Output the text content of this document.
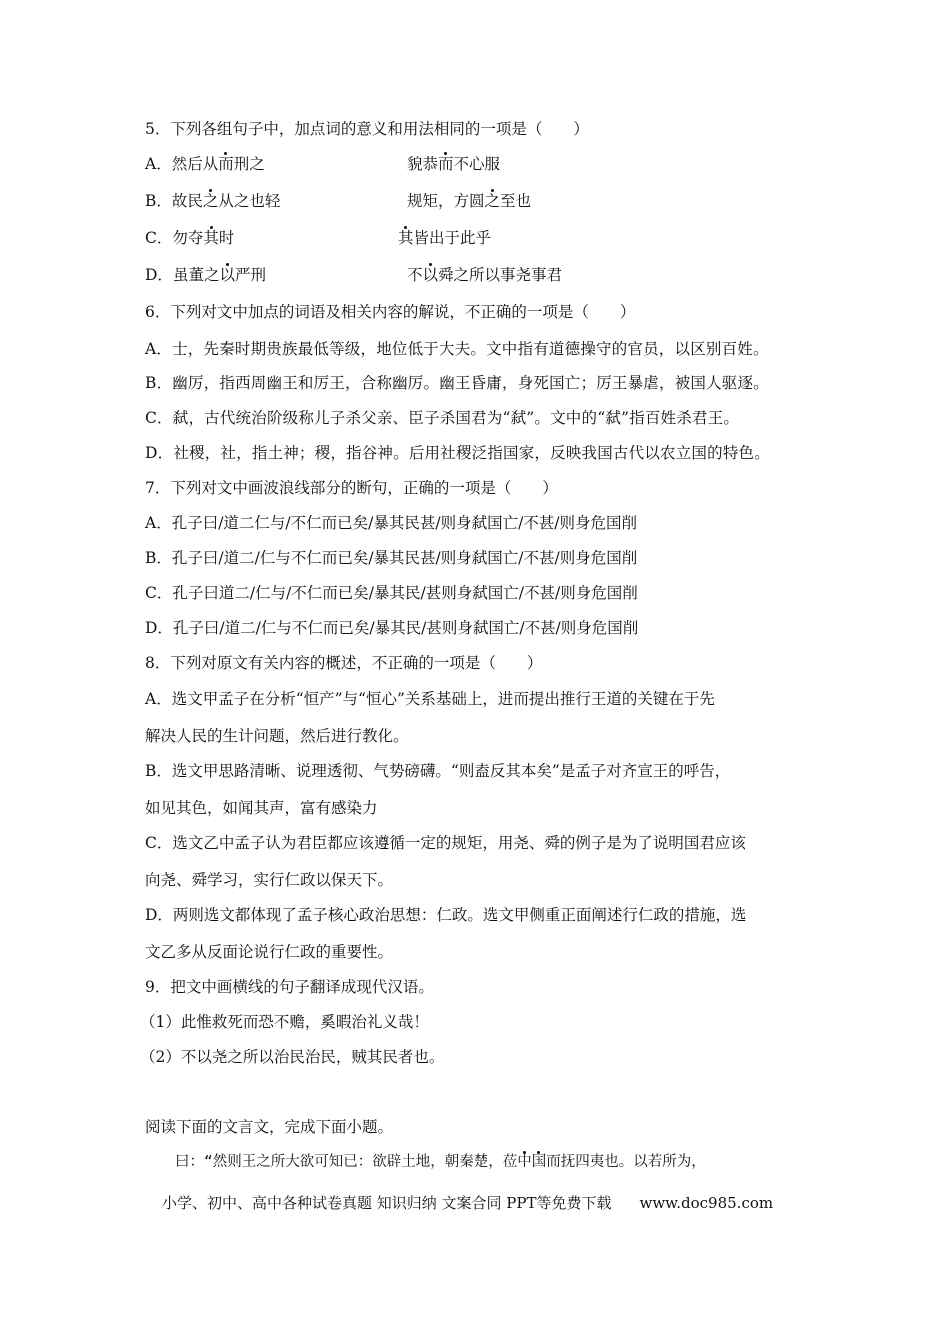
5．下列各组句子中，加点词的意义和用法相同的一项是（　　）
A．然后从而刑之	貌恭而不心服
B．故民之从之也轻	规矩，方圆之至也
C．勿夺其时	其皆出于此乎
D．虽董之以严刑	不以舜之所以事尧事君
6．下列对文中加点的词语及相关内容的解说，不正确的一项是（　　）
A．士，先秦时期贵族最低等级，地位低于大夫。文中指有道德操守的官员，以区别百姓。
B．幽厉，指西周幽王和厉王，合称幽厉。幽王昏庸，身死国亡；厉王暴虐，被国人驱逐。
C．弑，古代统治阶级称儿子杀父亲、臣子杀国君为“弑”。文中的“弑”指百姓杀君王。
D．社稷，社，指土神；稷，指谷神。后用社稷泛指国家，反映我国古代以农立国的特色。
7．下列对文中画波浪线部分的断句，正确的一项是（　　）
A．孔子曰/道二仁与/不仁而已矣/暴其民甚/则身弑国亡/不甚/则身危国削
B．孔子曰/道二/仁与不仁而已矣/暴其民甚/则身弑国亡/不甚/则身危国削
C．孔子曰道二/仁与/不仁而已矣/暴其民/甚则身弑国亡/不甚/则身危国削
D．孔子曰/道二/仁与不仁而已矣/暴其民/甚则身弑国亡/不甚/则身危国削
8．下列对原文有关内容的概述，不正确的一项是（　　）
A．选文甲孟子在分析“恒产”与“恒心”关系基础上，进而提出推行王道的关键在于先
解决人民的生计问题，然后进行教化。
B．选文甲思路清晰、说理透彻、气势磅礴。“则盍反其本矣”是孟子对齐宣王的呼告，
如见其色，如闻其声，富有感染力
C．选文乙中孟子认为君臣都应该遵循一定的规矩，用尧、舜的例子是为了说明国君应该
向尧、舜学习，实行仁政以保天下。
D．两则选文都体现了孟子核心政治思想：仁政。选文甲侧重正面阐述行仁政的措施，选
文乙多从反面论说行仁政的重要性。
9．把文中画横线的句子翻译成现代汉语。
（1）此惟救死而恐不赡，奚暇治礼义哉！
（2）不以尧之所以治民治民，贼其民者也。
阅读下面的文言文，完成下面小题。
曰：“然则王之所大欲可知已：欲辟土地，朝秦楚，莅中国而抚四夷也。以若所为，
小学、初中、高中各种试卷真题 知识归纳 文案合同 PPT等免费下载 www.doc985.com
